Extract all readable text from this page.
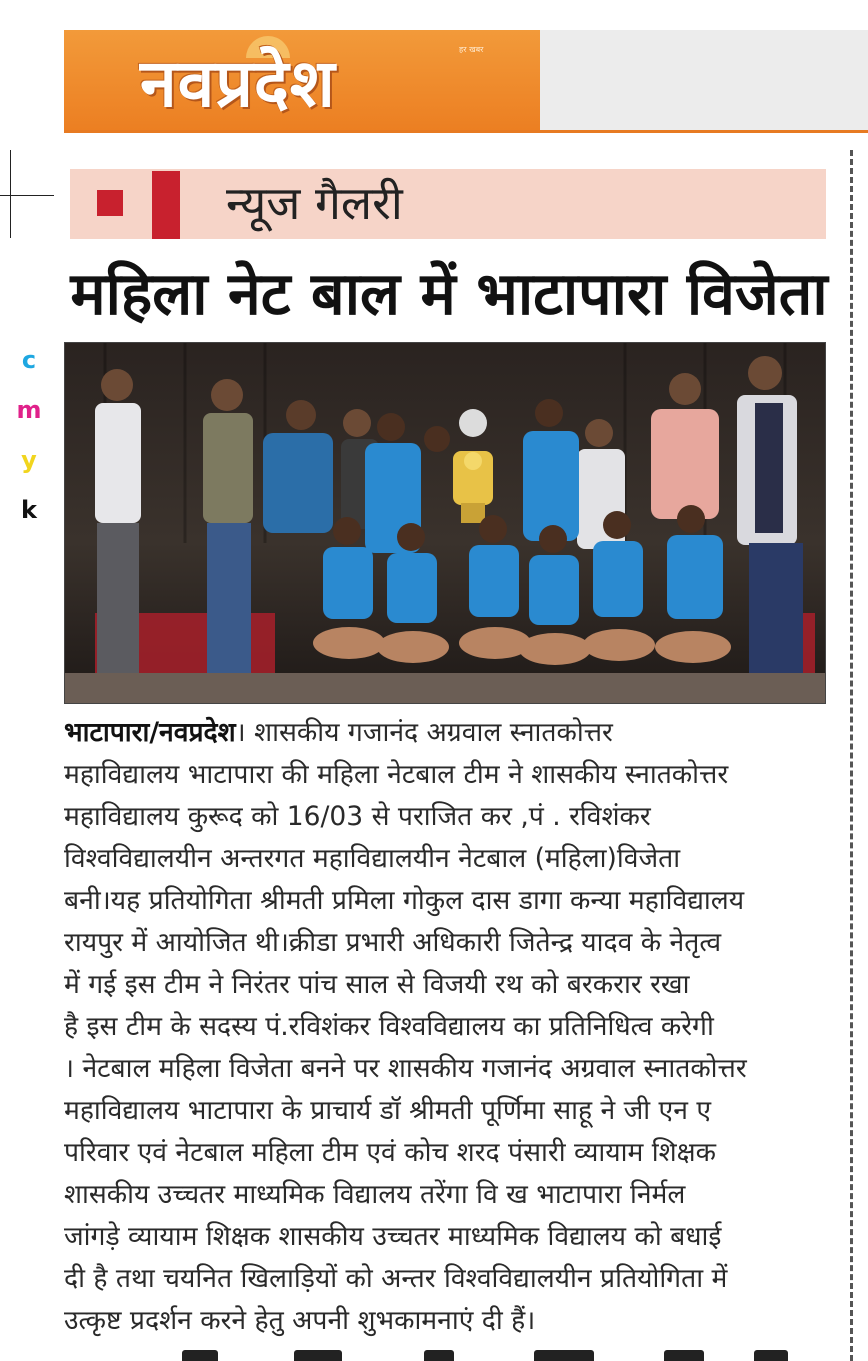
नवप्रदेश	हर खबर
c
m
y
k
न्यूज गैलरी
महिला नेट बाल में भाटापारा विजेता
भाटापारा/नवप्रदेश। शासकीय गजानंद अग्रवाल स्नातकोत्तर
महाविद्यालय भाटापारा की महिला नेटबाल टीम ने शासकीय स्नातकोत्तर
महाविद्यालय कुरूद को 16/03 से पराजित कर ,पं . रविशंकर
विश्वविद्यालयीन अन्तरगत महाविद्यालयीन नेटबाल (महिला)विजेता
बनी।यह प्रतियोगिता श्रीमती प्रमिला गोकुल दास डागा कन्या महाविद्यालय
रायपुर में आयोजित थी।क्रीडा प्रभारी अधिकारी जितेन्द्र यादव के नेतृत्व
में गई इस टीम ने निरंतर पांच साल से विजयी रथ को बरकरार रखा
है इस टीम के सदस्य पं.रविशंकर विश्वविद्यालय का प्रतिनिधित्व करेगी
। नेटबाल महिला विजेता बनने पर शासकीय गजानंद अग्रवाल स्नातकोत्तर
महाविद्यालय भाटापारा के प्राचार्य डॉ श्रीमती पूर्णिमा साहू ने जी एन ए
परिवार एवं नेटबाल महिला टीम एवं कोच शरद पंसारी व्यायाम शिक्षक
शासकीय उच्चतर माध्यमिक विद्यालय तरेंगा वि ख भाटापारा निर्मल
जांगड़े व्यायाम शिक्षक शासकीय उच्चतर माध्यमिक विद्यालय को बधाई
दी है तथा चयनित खिलाड़ियों को अन्तर विश्वविद्यालयीन प्रतियोगिता में
उत्कृष्ट प्रदर्शन करने हेतु अपनी शुभकामनाएं दी हैं।
